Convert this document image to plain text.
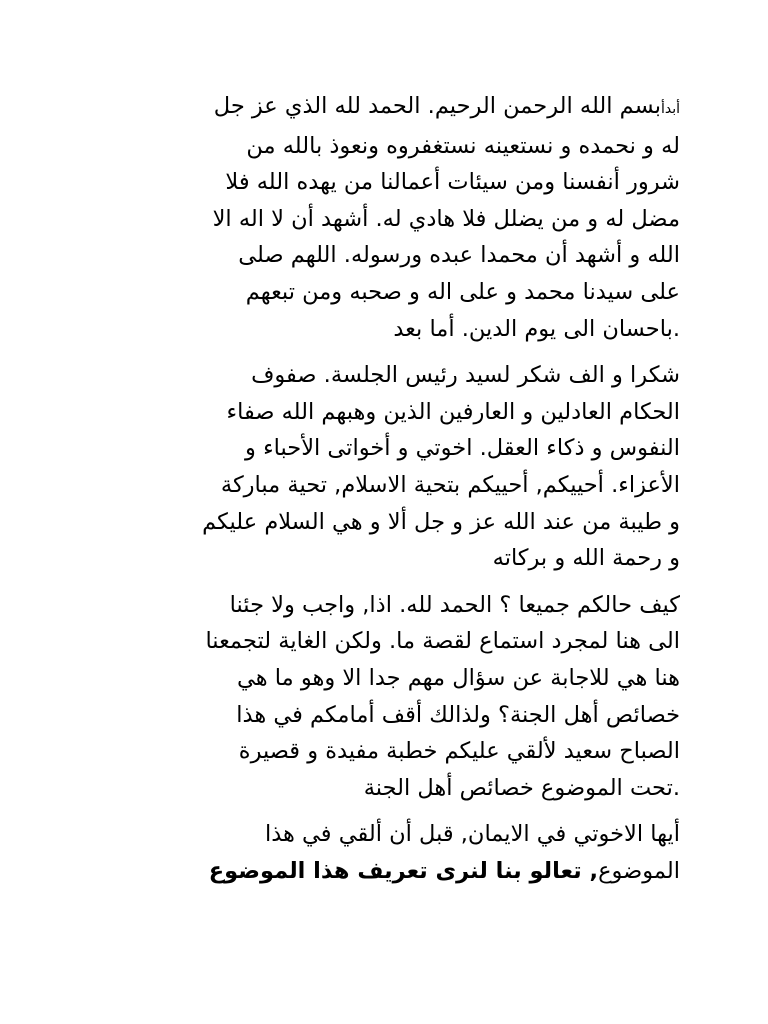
أبدأبسم الله الرحمن الرحيم. الحمد لله الذي عز جل
له و نحمده و نستعينه نستغفروه ونعوذ بالله من
شرور أنفسنا ومن سيئات أعمالنا من يهده الله فلا
مضل له و من يضلل فلا هادي له. أشهد أن لا اله الا
الله و أشهد أن محمدا عبده ورسوله. اللهم صلى
على سيدنا محمد و على اله و صحبه ومن تبعهم
.باحسان الى يوم الدين. أما بعد

شكرا و الف شكر لسيد رئيس الجلسة. صفوف
الحكام العادلين و العارفين الذين وهبهم الله صفاء
النفوس و ذكاء العقل. اخوتي و أخواتى الأحباء و
الأعزاء. أحييكم, أحييكم بتحية الاسلام, تحية مباركة
و طيبة من عند الله عز و جل ألا و هي السلام عليكم
و رحمة الله و بركاته

كيف حالكم جميعا ؟ الحمد لله. اذا, واجب ولا جئنا
الى هنا لمجرد استماع لقصة ما. ولكن الغاية لتجمعنا
هنا هي للاجابة عن سؤال مهم جدا الا وهو ما هي
خصائص أهل الجنة؟ ولذالك أقف أمامكم في هذا
الصباح سعيد لألقي عليكم خطبة مفيدة و قصيرة
.تحت الموضوع خصائص أهل الجنة

أيها الاخوتي في الايمان, قبل أن ألقي في هذا
الموضوع, تعالو بنا لنرى تعريف هذا الموضوع
